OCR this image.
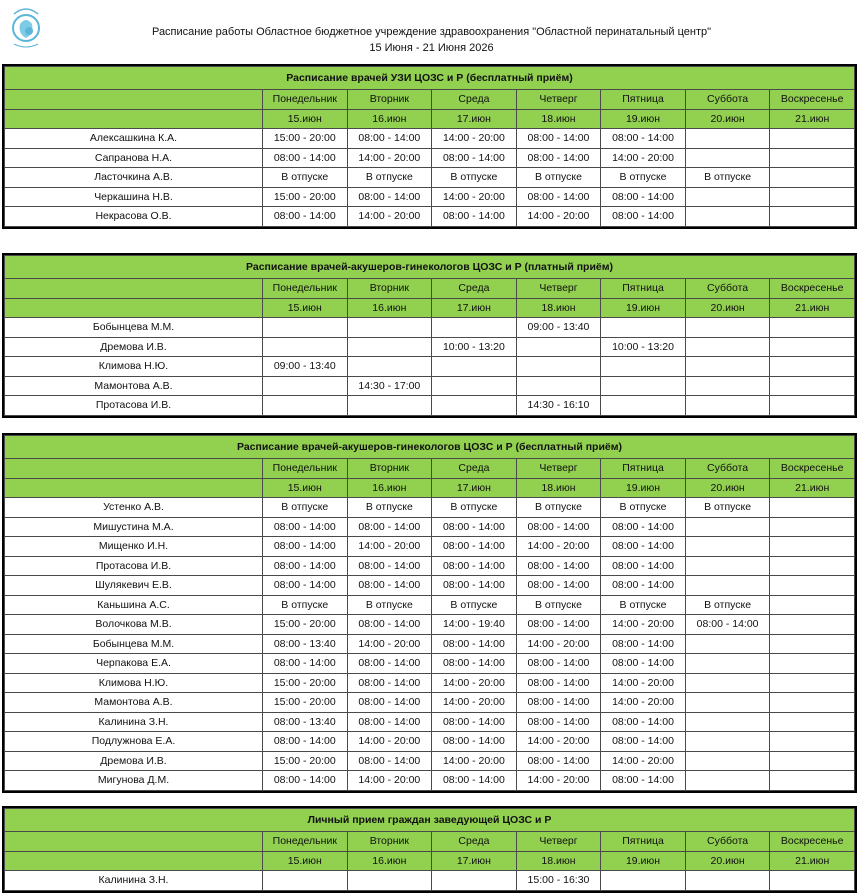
Расписание работы Областное бюджетное учреждение здравоохранения "Областной перинатальный центр"
15 Июня - 21 Июня 2026
Расписание врачей УЗИ ЦОЗС и Р (бесплатный приём)							
	Понедельник	Вторник	Среда	Четверг	Пятница	Суббота	Воскресенье
	15.июн	16.июн	17.июн	18.июн	19.июн	20.июн	21.июн
Алексашкина К.А.	15:00 - 20:00	08:00 - 14:00	14:00 - 20:00	08:00 - 14:00	08:00 - 14:00		
Сапранова Н.А.	08:00 - 14:00	14:00 - 20:00	08:00 - 14:00	08:00 - 14:00	14:00 - 20:00		
Ласточкина А.В.	В отпуске	В отпуске	В отпуске	В отпуске	В отпуске	В отпуске	
Черкашина Н.В.	15:00 - 20:00	08:00 - 14:00	14:00 - 20:00	08:00 - 14:00	08:00 - 14:00		
Некрасова О.В.	08:00 - 14:00	14:00 - 20:00	08:00 - 14:00	14:00 - 20:00	08:00 - 14:00		
Расписание врачей-акушеров-гинекологов ЦОЗС и Р (платный приём)							
	Понедельник	Вторник	Среда	Четверг	Пятница	Суббота	Воскресенье
	15.июн	16.июн	17.июн	18.июн	19.июн	20.июн	21.июн
Бобынцева М.М.				09:00 - 13:40			
Дремова И.В.			10:00 - 13:20		10:00 - 13:20		
Климова Н.Ю.	09:00 - 13:40						
Мамонтова А.В.		14:30 - 17:00					
Протасова И.В.				14:30 - 16:10			
Расписание врачей-акушеров-гинекологов ЦОЗС и Р (бесплатный приём)							
	Понедельник	Вторник	Среда	Четверг	Пятница	Суббота	Воскресенье
	15.июн	16.июн	17.июн	18.июн	19.июн	20.июн	21.июн
Устенко А.В.	В отпуске	В отпуске	В отпуске	В отпуске	В отпуске	В отпуске	
Мишустина М.А.	08:00 - 14:00	08:00 - 14:00	08:00 - 14:00	08:00 - 14:00	08:00 - 14:00		
Мищенко И.Н.	08:00 - 14:00	14:00 - 20:00	08:00 - 14:00	14:00 - 20:00	08:00 - 14:00		
Протасова И.В.	08:00 - 14:00	08:00 - 14:00	08:00 - 14:00	08:00 - 14:00	08:00 - 14:00		
Шулякевич Е.В.	08:00 - 14:00	08:00 - 14:00	08:00 - 14:00	08:00 - 14:00	08:00 - 14:00		
Каньшина А.С.	В отпуске	В отпуске	В отпуске	В отпуске	В отпуске	В отпуске	
Волочкова М.В.	15:00 - 20:00	08:00 - 14:00	14:00 - 19:40	08:00 - 14:00	14:00 - 20:00	08:00 - 14:00	
Бобынцева М.М.	08:00 - 13:40	14:00 - 20:00	08:00 - 14:00	14:00 - 20:00	08:00 - 14:00		
Черпакова Е.А.	08:00 - 14:00	08:00 - 14:00	08:00 - 14:00	08:00 - 14:00	08:00 - 14:00		
Климова Н.Ю.	15:00 - 20:00	08:00 - 14:00	14:00 - 20:00	08:00 - 14:00	14:00 - 20:00		
Мамонтова А.В.	15:00 - 20:00	08:00 - 14:00	14:00 - 20:00	08:00 - 14:00	14:00 - 20:00		
Калинина З.Н.	08:00 - 13:40	08:00 - 14:00	08:00 - 14:00	08:00 - 14:00	08:00 - 14:00		
Подлужнова Е.А.	08:00 - 14:00	14:00 - 20:00	08:00 - 14:00	14:00 - 20:00	08:00 - 14:00		
Дремова И.В.	15:00 - 20:00	08:00 - 14:00	14:00 - 20:00	08:00 - 14:00	14:00 - 20:00		
Мигунова Д.М.	08:00 - 14:00	14:00 - 20:00	08:00 - 14:00	14:00 - 20:00	08:00 - 14:00		
Личный прием граждан заведующей ЦОЗС и Р							
	Понедельник	Вторник	Среда	Четверг	Пятница	Суббота	Воскресенье
	15.июн	16.июн	17.июн	18.июн	19.июн	20.июн	21.июн
Калинина З.Н.				15:00 - 16:30			
